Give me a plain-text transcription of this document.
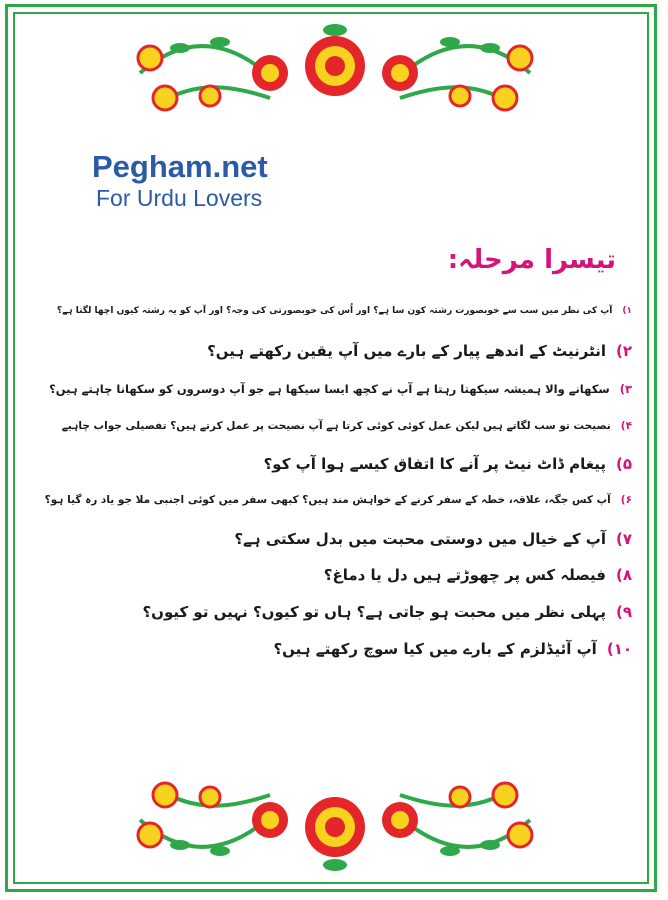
Pegham.net
For Urdu Lovers
تیسرا مرحلہ:
۱)آپ کی نظر میں سب سے خوبصورت رشتہ کون سا ہے؟ اور اُس کی خوبصورتی کی وجہ؟ اور آپ کو یہ رشتہ کیوں اچھا لگتا ہے؟
۲)انٹرنیٹ کے اندھے پیار کے بارے میں آپ یقین رکھتے ہیں؟
۳)سکھانے والا ہمیشہ سیکھتا رہتا ہے آپ نے کچھ ایسا سیکھا ہے جو آپ دوسروں کو سکھانا چاہتے ہیں؟
۴)نصیحت تو سب لگاتے ہیں لیکن عمل کوئی کوئی کرتا ہے آپ نصیحت پر عمل کرتے ہیں؟ تفصیلی جواب چاہیے
۵)پیغام ڈاٹ نیٹ پر آنے کا اتفاق کیسے ہوا آپ کو؟
۶)آپ کس جگہ، علاقہ، خطہ کے سفر کرنے کے خواہش مند ہیں؟ کبھی سفر میں کوئی اجنبی ملا جو یاد رہ گیا ہو؟
۷)آپ کے خیال میں دوستی محبت میں بدل سکتی ہے؟
۸)فیصلہ کس پر چھوڑتے ہیں دل یا دماغ؟
۹)پہلی نظر میں محبت ہو جاتی ہے؟ ہاں تو کیوں؟ نہیں تو کیوں؟
۱۰)آپ آئیڈلزم کے بارے میں کیا سوچ رکھتے ہیں؟
